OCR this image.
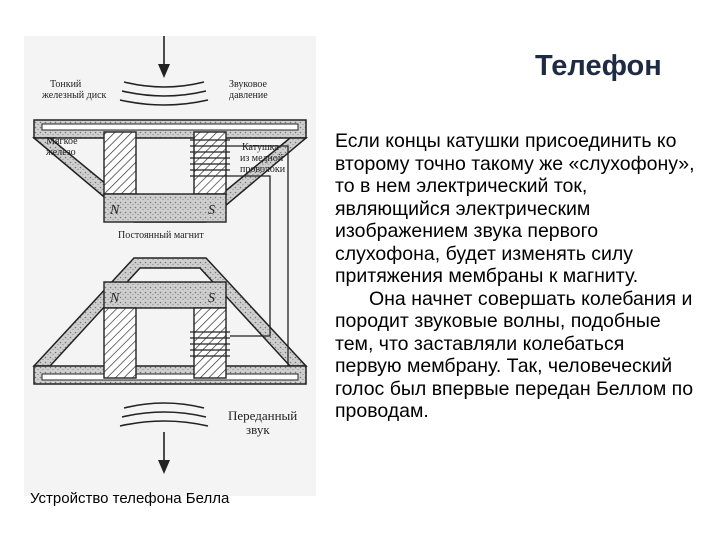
Телефон
Тонкий
железный диск
Звуковое
давление
N	S
Мягкое
железо	Катушка
из медной
проволоки
Постоянный магнит
N	S
Переданный
звук
Устройство телефона Белла

Если концы катушки присоединить ко второму точно такому же «слухофону», то в нем электрический ток, являющийся электрическим изображением звука первого слухофона, будет изменять силу притяжения мембраны к магниту.

Она начнет совершать колебания и породит звуковые волны, подобные тем, что заставляли колебаться первую мембрану. Так, человеческий голос был впервые передан Беллом по проводам.
